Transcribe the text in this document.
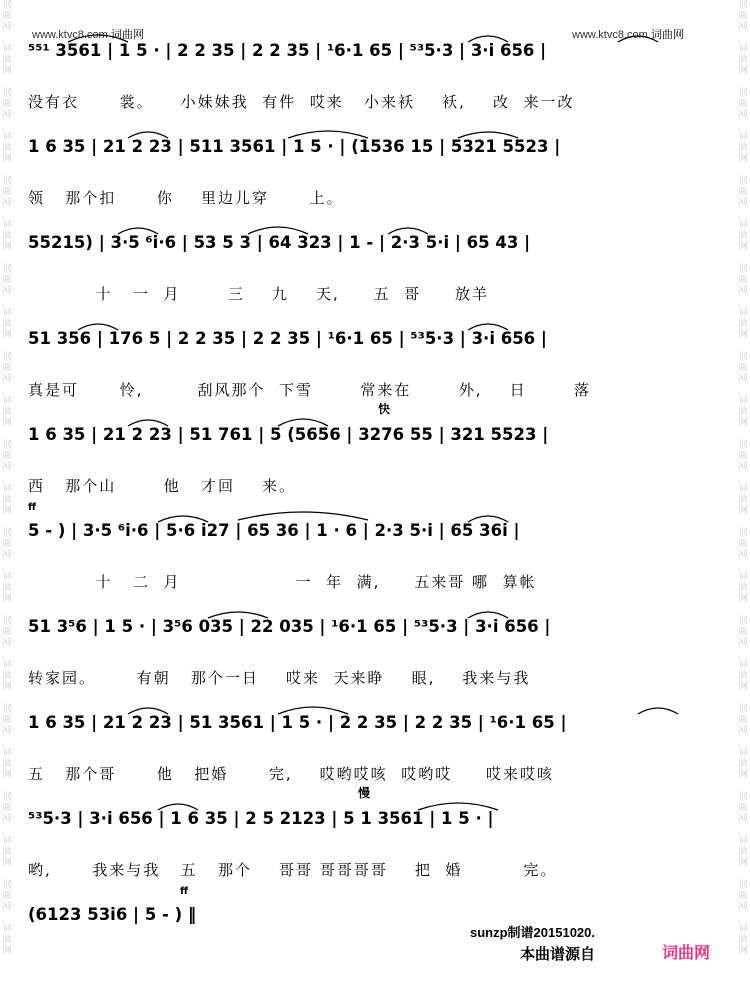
词
曲
网

词
曲
网

词
曲
网

词
曲
网

词
曲
网

词
曲
网

词
曲
网

词
曲
网

词
曲
网

词
曲
网

词
曲
网

词
曲
网

词
曲
网

词
曲
网

词
曲
网

词
曲
网

词
曲
网

词
曲
网

词
曲
网

词
曲
网

词
曲
网

词
曲
网
词
曲
网

词
曲
网

词
曲
网

词
曲
网

词
曲
网

词
曲
网

词
曲
网

词
曲
网

词
曲
网

词
曲
网

词
曲
网

词
曲
网

词
曲
网

词
曲
网

词
曲
网

词
曲
网

词
曲
网

词
曲
网

词
曲
网

词
曲
网

词
曲
网

词
曲
网
www.ktvc8.com 词曲网	www.ktvc8.com 词曲网
⁵⁵¹ 3561 | 1 5 · | 2 2 35 | 2 2 35 | ¹6·1 65 | ⁵³5·3 | 3·i 656 |
没有衣      裳。    小妹妹我  有件  哎来   小来袄    袄,    改  来一改
1 6 35 | 21 2 23 | 511 3561 | 1 5 · | (1536 15 | 5321 5523 |
领   那个扣      你    里边儿穿      上。
55215) | 3·5 ⁶i·6 | 53 5 3 | 64 323 | 1 - | 2·3 5·i | 65 43 |
十   一  月       三    九    天,     五  哥     放羊
51 356 | 176 5 | 2 2 35 | 2 2 35 | ¹6·1 65 | ⁵³5·3 | 3·i 656 |
真是可      怜,        刮风那个  下雪       常来在       外,    日       落
快
1 6 35 | 21 2 23 | 51 761 | 5 (5656 | 3276 55 | 321 5523 |
西   那个山       他   才回    来。
ff
5 - ) | 3·5 ⁶i·6 | 5·6 i27 | 65 36 | 1 · 6 | 2·3 5·i | 65 36i |
十   二  月                 一  年  满,     五来哥 哪  算帐
51 3⁵6 | 1 5 · | 3⁵6 035 | 22 035 | ¹6·1 65 | ⁵³5·3 | 3·i 656 |
转家园。      有朝   那个一日    哎来  天来睁    眼,    我来与我
1 6 35 | 21 2 23 | 51 3561 | 1 5 · | 2 2 35 | 2 2 35 | ¹6·1 65 |
五   那个哥      他   把婚      完,    哎哟哎咳  哎哟哎     哎来哎咳
慢
⁵³5·3 | 3·i 656 | 1 6 35 | 2 5 2123 | 5 1 3561 | 1 5 · |
哟,      我来与我   五   那个    哥哥 哥哥哥哥    把  婚         完。
ff
(6123 53i6 | 5 - ) ‖
sunzp制谱20151020.
本曲谱源自	词曲网
